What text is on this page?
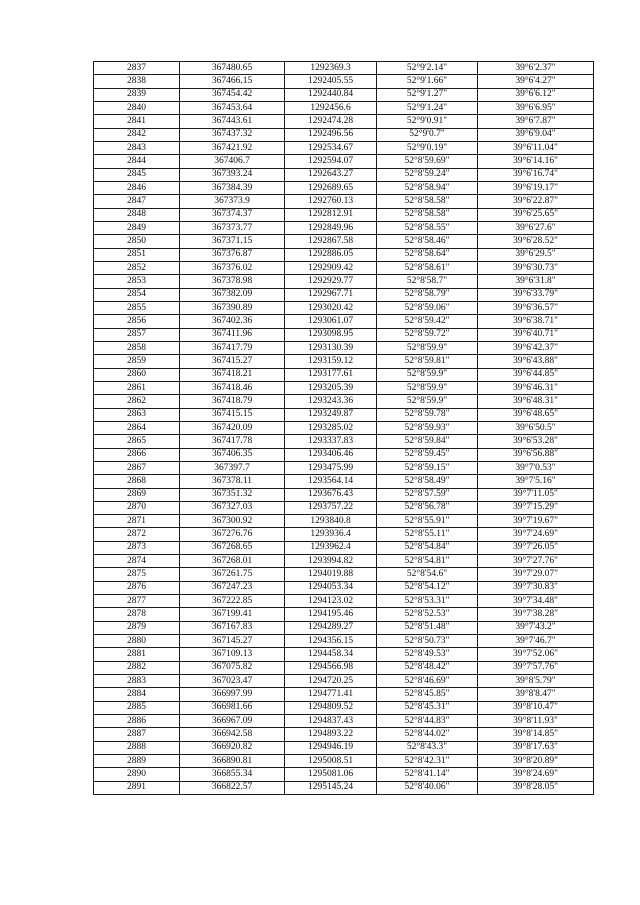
2837	367480.65	1292369.3	52°9'2.14"	39°6'2.37"
2838	367466.15	1292405.55	52°9'1.66"	39°6'4.27"
2839	367454.42	1292440.84	52°9'1.27"	39°6'6.12"
2840	367453.64	1292456.6	52°9'1.24"	39°6'6.95"
2841	367443.61	1292474.28	52°9'0.91"	39°6'7.87"
2842	367437.32	1292496.56	52°9'0.7"	39°6'9.04"
2843	367421.92	1292534.67	52°9'0.19"	39°6'11.04"
2844	367406.7	1292594.07	52°8'59.69"	39°6'14.16"
2845	367393.24	1292643.27	52°8'59.24"	39°6'16.74"
2846	367384.39	1292689.65	52°8'58.94"	39°6'19.17"
2847	367373.9	1292760.13	52°8'58.58"	39°6'22.87"
2848	367374.37	1292812.91	52°8'58.58"	39°6'25.65"
2849	367373.77	1292849.96	52°8'58.55"	39°6'27.6"
2850	367371.15	1292867.58	52°8'58.46"	39°6'28.52"
2851	367376.87	1292886.05	52°8'58.64"	39°6'29.5"
2852	367376.02	1292909.42	52°8'58.61"	39°6'30.73"
2853	367378.98	1292929.77	52°8'58.7"	39°6'31.8"
2854	367382.09	1292967.71	52°8'58.79"	39°6'33.79"
2855	367390.89	1293020.42	52°8'59.06"	39°6'36.57"
2856	367402.36	1293061.07	52°8'59.42"	39°6'38.71"
2857	367411.96	1293098.95	52°8'59.72"	39°6'40.71"
2858	367417.79	1293130.39	52°8'59.9"	39°6'42.37"
2859	367415.27	1293159.12	52°8'59.81"	39°6'43.88"
2860	367418.21	1293177.61	52°8'59.9"	39°6'44.85"
2861	367418.46	1293205.39	52°8'59.9"	39°6'46.31"
2862	367418.79	1293243.36	52°8'59.9"	39°6'48.31"
2863	367415.15	1293249.87	52°8'59.78"	39°6'48.65"
2864	367420.09	1293285.02	52°8'59.93"	39°6'50.5"
2865	367417.78	1293337.83	52°8'59.84"	39°6'53.28"
2866	367406.35	1293406.46	52°8'59.45"	39°6'56.88"
2867	367397.7	1293475.99	52°8'59.15"	39°7'0.53"
2868	367378.11	1293564.14	52°8'58.49"	39°7'5.16"
2869	367351.32	1293676.43	52°8'57.59"	39°7'11.05"
2870	367327.03	1293757.22	52°8'56.78"	39°7'15.29"
2871	367300.92	1293840.8	52°8'55.91"	39°7'19.67"
2872	367276.76	1293936.4	52°8'55.11"	39°7'24.69"
2873	367268.65	1293962.4	52°8'54.84"	39°7'26.05"
2874	367268.01	1293994.82	52°8'54.81"	39°7'27.76"
2875	367261.75	1294019.88	52°8'54.6"	39°7'29.07"
2876	367247.23	1294053.34	52°8'54.12"	39°7'30.83"
2877	367222.85	1294123.02	52°8'53.31"	39°7'34.48"
2878	367199.41	1294195.46	52°8'52.53"	39°7'38.28"
2879	367167.83	1294289.27	52°8'51.48"	39°7'43.2"
2880	367145.27	1294356.15	52°8'50.73"	39°7'46.7"
2881	367109.13	1294458.34	52°8'49.53"	39°7'52.06"
2882	367075.82	1294566.98	52°8'48.42"	39°7'57.76"
2883	367023.47	1294720.25	52°8'46.69"	39°8'5.79"
2884	366997.99	1294771.41	52°8'45.85"	39°8'8.47"
2885	366981.66	1294809.52	52°8'45.31"	39°8'10.47"
2886	366967.09	1294837.43	52°8'44.83"	39°8'11.93"
2887	366942.58	1294893.22	52°8'44.02"	39°8'14.85"
2888	366920.82	1294946.19	52°8'43.3"	39°8'17.63"
2889	366890.81	1295008.51	52°8'42.31"	39°8'20.89"
2890	366855.34	1295081.06	52°8'41.14"	39°8'24.69"
2891	366822.57	1295145.24	52°8'40.06"	39°8'28.05"
